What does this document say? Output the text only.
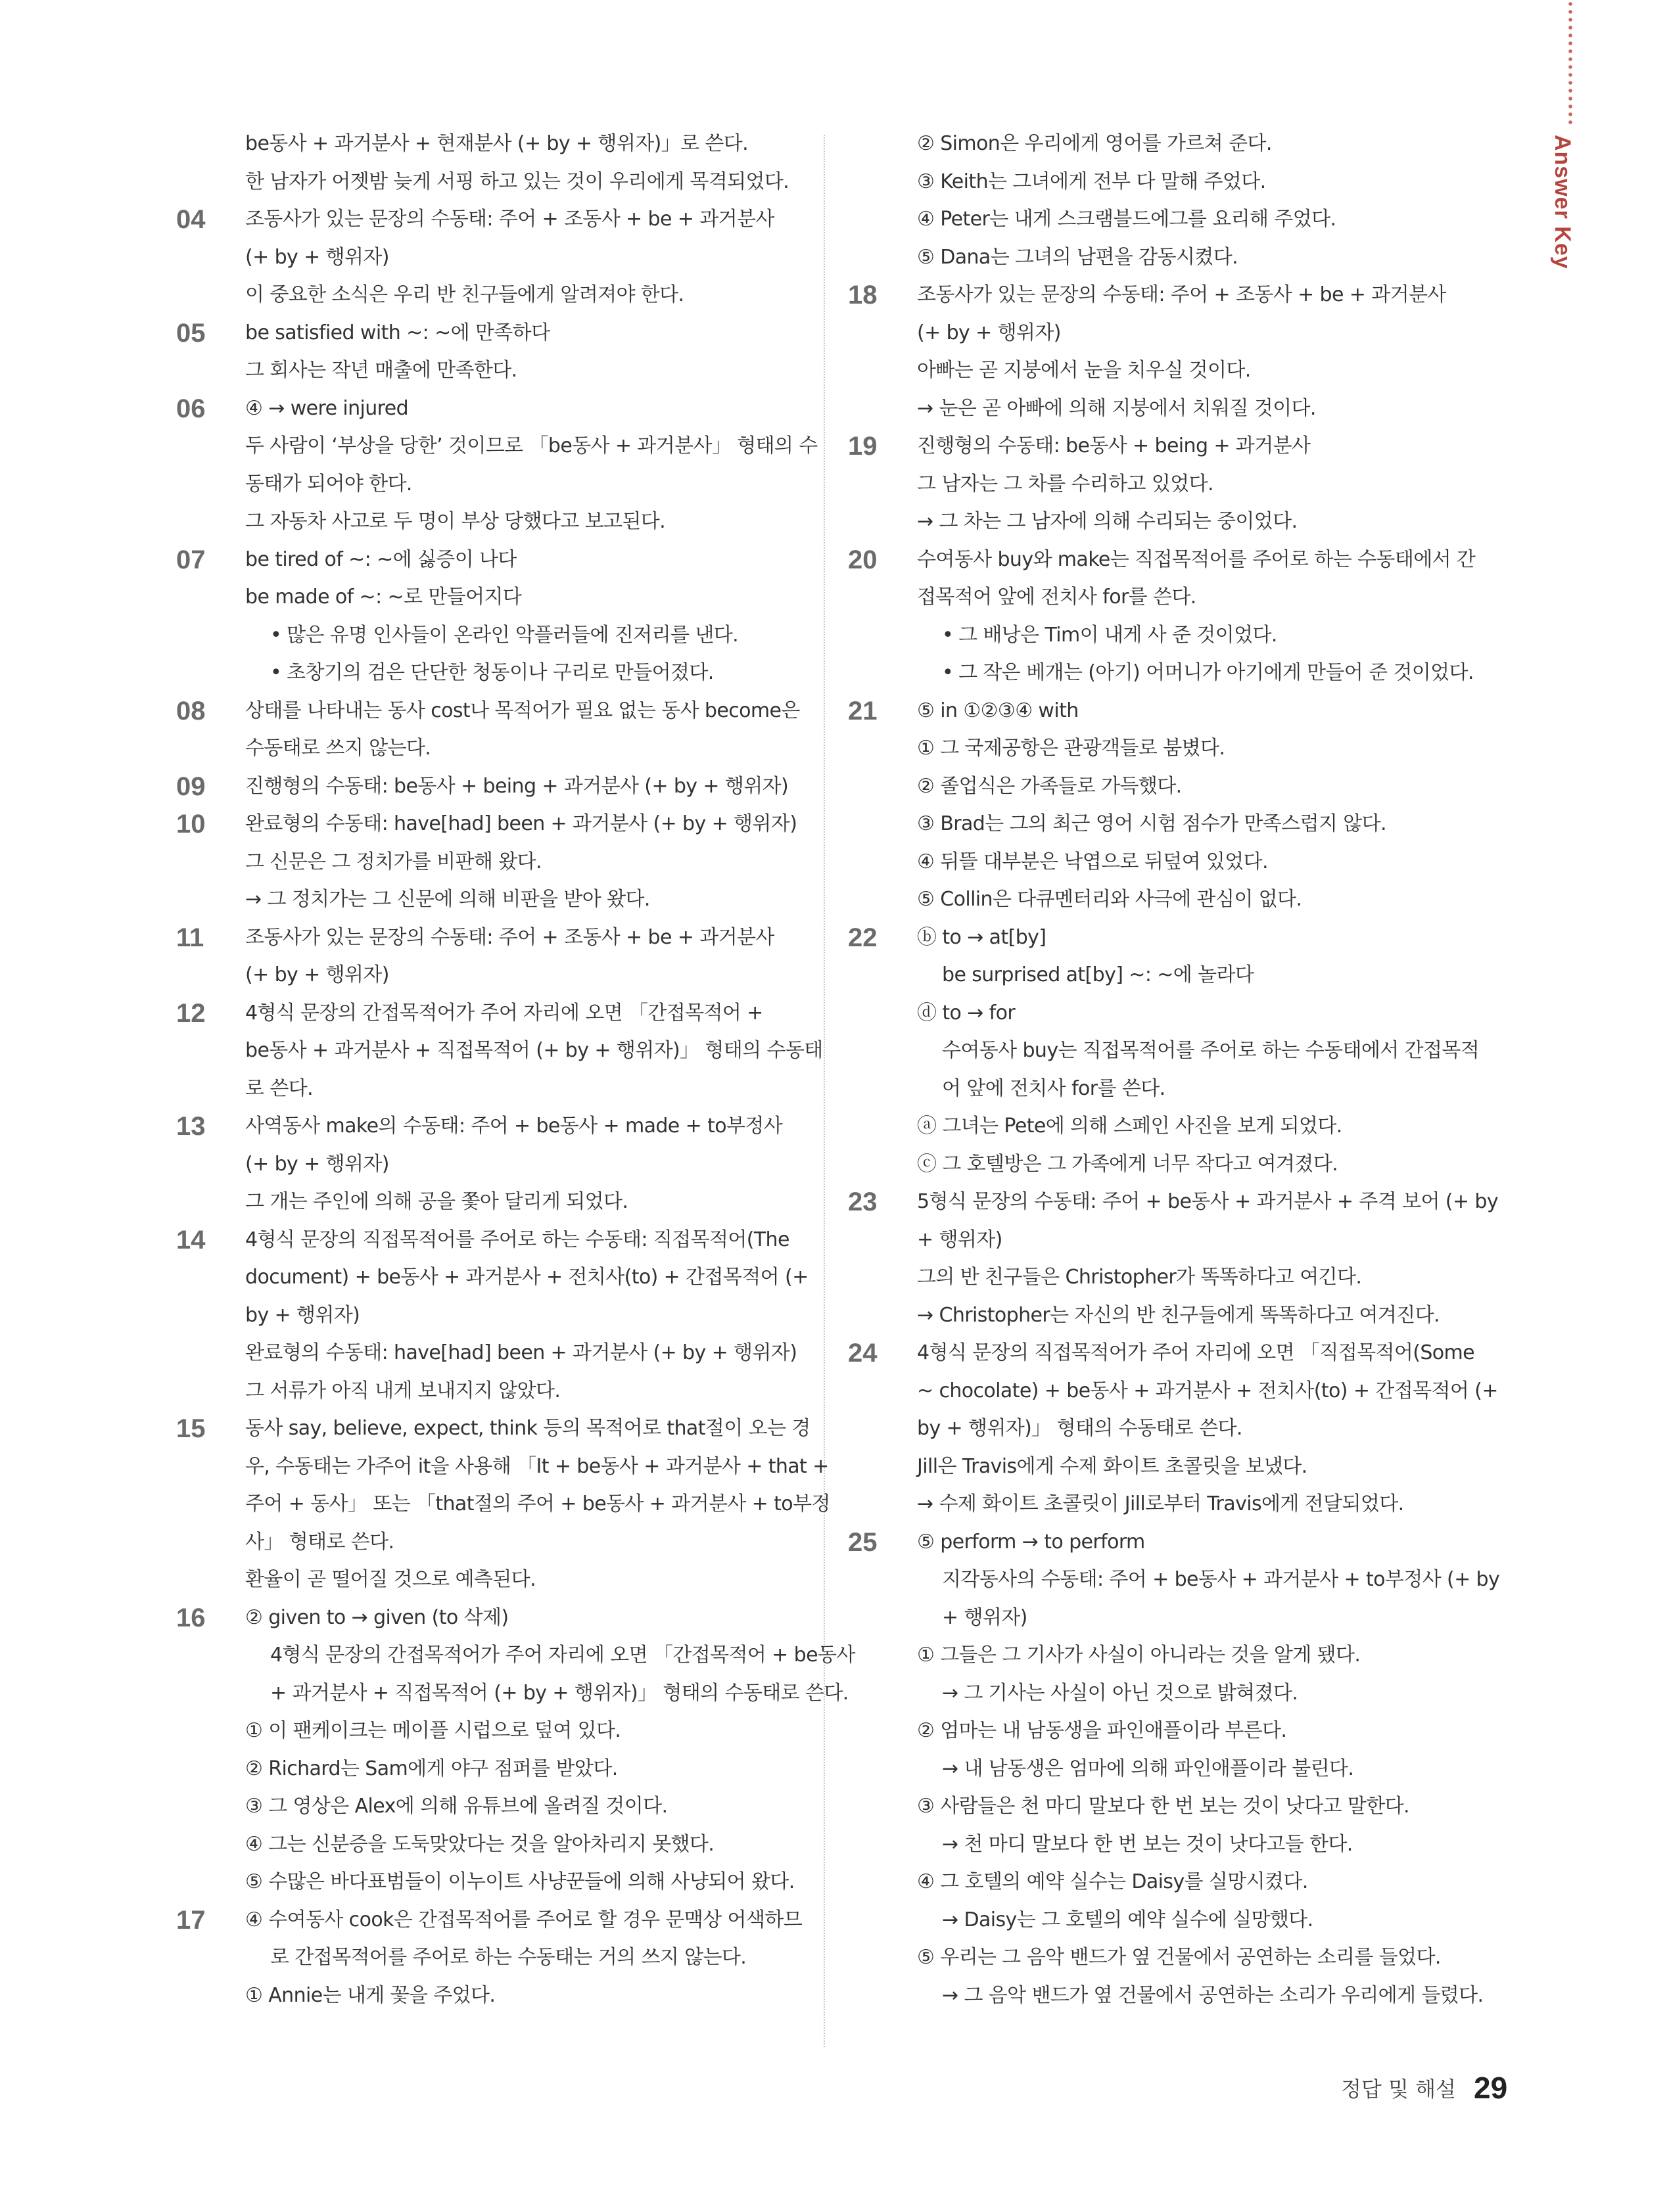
Answer Key
be동사 + 과거분사 + 현재분사 (+ by + 행위자)」로 쓴다.
한 남자가 어젯밤 늦게 서핑 하고 있는 것이 우리에게 목격되었다.
04 조동사가 있는 문장의 수동태: 주어 + 조동사 + be + 과거분사
(+ by + 행위자)
이 중요한 소식은 우리 반 친구들에게 알려져야 한다.
05 be satisfied with ~: ~에 만족하다
그 회사는 작년 매출에 만족한다.
06 ④ → were injured
두 사람이 ‘부상을 당한’ 것이므로 「be동사 + 과거분사」 형태의 수
동태가 되어야 한다.
그 자동차 사고로 두 명이 부상 당했다고 보고된다.
07 be tired of ~: ~에 싫증이 나다
be made of ~: ~로 만들어지다
• 많은 유명 인사들이 온라인 악플러들에 진저리를 낸다.
• 초창기의 검은 단단한 청동이나 구리로 만들어졌다.
08 상태를 나타내는 동사 cost나 목적어가 필요 없는 동사 become은
수동태로 쓰지 않는다.
09 진행형의 수동태: be동사 + being + 과거분사 (+ by + 행위자)
10 완료형의 수동태: have[had] been + 과거분사 (+ by + 행위자)
그 신문은 그 정치가를 비판해 왔다.
→ 그 정치가는 그 신문에 의해 비판을 받아 왔다.
11 조동사가 있는 문장의 수동태: 주어 + 조동사 + be + 과거분사
(+ by + 행위자)
12 4형식 문장의 간접목적어가 주어 자리에 오면 「간접목적어 +
be동사 + 과거분사 + 직접목적어 (+ by + 행위자)」 형태의 수동태
로 쓴다.
13 사역동사 make의 수동태: 주어 + be동사 + made + to부정사
(+ by + 행위자)
그 개는 주인에 의해 공을 쫓아 달리게 되었다.
14 4형식 문장의 직접목적어를 주어로 하는 수동태: 직접목적어(The
document) + be동사 + 과거분사 + 전치사(to) + 간접목적어 (+
by + 행위자)
완료형의 수동태: have[had] been + 과거분사 (+ by + 행위자)
그 서류가 아직 내게 보내지지 않았다.
15 동사 say, believe, expect, think 등의 목적어로 that절이 오는 경
우, 수동태는 가주어 it을 사용해 「It + be동사 + 과거분사 + that +
주어 + 동사」 또는 「that절의 주어 + be동사 + 과거분사 + to부정
사」 형태로 쓴다.
환율이 곧 떨어질 것으로 예측된다.
16 ② given to → given (to 삭제)
4형식 문장의 간접목적어가 주어 자리에 오면 「간접목적어 + be동사
+ 과거분사 + 직접목적어 (+ by + 행위자)」 형태의 수동태로 쓴다.
① 이 팬케이크는 메이플 시럽으로 덮여 있다.
② Richard는 Sam에게 야구 점퍼를 받았다.
③ 그 영상은 Alex에 의해 유튜브에 올려질 것이다.
④ 그는 신분증을 도둑맞았다는 것을 알아차리지 못했다.
⑤ 수많은 바다표범들이 이누이트 사냥꾼들에 의해 사냥되어 왔다.
17 ④ 수여동사 cook은 간접목적어를 주어로 할 경우 문맥상 어색하므
로 간접목적어를 주어로 하는 수동태는 거의 쓰지 않는다.
① Annie는 내게 꽃을 주었다.
② Simon은 우리에게 영어를 가르쳐 준다.
③ Keith는 그녀에게 전부 다 말해 주었다.
④ Peter는 내게 스크램블드에그를 요리해 주었다.
⑤ Dana는 그녀의 남편을 감동시켰다.
18 조동사가 있는 문장의 수동태: 주어 + 조동사 + be + 과거분사
(+ by + 행위자)
아빠는 곧 지붕에서 눈을 치우실 것이다.
→ 눈은 곧 아빠에 의해 지붕에서 치워질 것이다.
19 진행형의 수동태: be동사 + being + 과거분사
그 남자는 그 차를 수리하고 있었다.
→ 그 차는 그 남자에 의해 수리되는 중이었다.
20 수여동사 buy와 make는 직접목적어를 주어로 하는 수동태에서 간
접목적어 앞에 전치사 for를 쓴다.
• 그 배낭은 Tim이 내게 사 준 것이었다.
• 그 작은 베개는 (아기) 어머니가 아기에게 만들어 준 것이었다.
21 ⑤ in ①②③④ with
① 그 국제공항은 관광객들로 붐볐다.
② 졸업식은 가족들로 가득했다.
③ Brad는 그의 최근 영어 시험 점수가 만족스럽지 않다.
④ 뒤뜰 대부분은 낙엽으로 뒤덮여 있었다.
⑤ Collin은 다큐멘터리와 사극에 관심이 없다.
22 ⓑ to → at[by]
be surprised at[by] ~: ~에 놀라다
ⓓ to → for
수여동사 buy는 직접목적어를 주어로 하는 수동태에서 간접목적
어 앞에 전치사 for를 쓴다.
ⓐ 그녀는 Pete에 의해 스페인 사진을 보게 되었다.
ⓒ 그 호텔방은 그 가족에게 너무 작다고 여겨졌다.
23 5형식 문장의 수동태: 주어 + be동사 + 과거분사 + 주격 보어 (+ by
+ 행위자)
그의 반 친구들은 Christopher가 똑똑하다고 여긴다.
→ Christopher는 자신의 반 친구들에게 똑똑하다고 여겨진다.
24 4형식 문장의 직접목적어가 주어 자리에 오면 「직접목적어(Some
~ chocolate) + be동사 + 과거분사 + 전치사(to) + 간접목적어 (+
by + 행위자)」 형태의 수동태로 쓴다.
Jill은 Travis에게 수제 화이트 초콜릿을 보냈다.
→ 수제 화이트 초콜릿이 Jill로부터 Travis에게 전달되었다.
25 ⑤ perform → to perform
지각동사의 수동태: 주어 + be동사 + 과거분사 + to부정사 (+ by
+ 행위자)
① 그들은 그 기사가 사실이 아니라는 것을 알게 됐다.
→ 그 기사는 사실이 아닌 것으로 밝혀졌다.
② 엄마는 내 남동생을 파인애플이라 부른다.
→ 내 남동생은 엄마에 의해 파인애플이라 불린다.
③ 사람들은 천 마디 말보다 한 번 보는 것이 낫다고 말한다.
→ 천 마디 말보다 한 번 보는 것이 낫다고들 한다.
④ 그 호텔의 예약 실수는 Daisy를 실망시켰다.
→ Daisy는 그 호텔의 예약 실수에 실망했다.
⑤ 우리는 그 음악 밴드가 옆 건물에서 공연하는 소리를 들었다.
→ 그 음악 밴드가 옆 건물에서 공연하는 소리가 우리에게 들렸다.
정답 및 해설 29
